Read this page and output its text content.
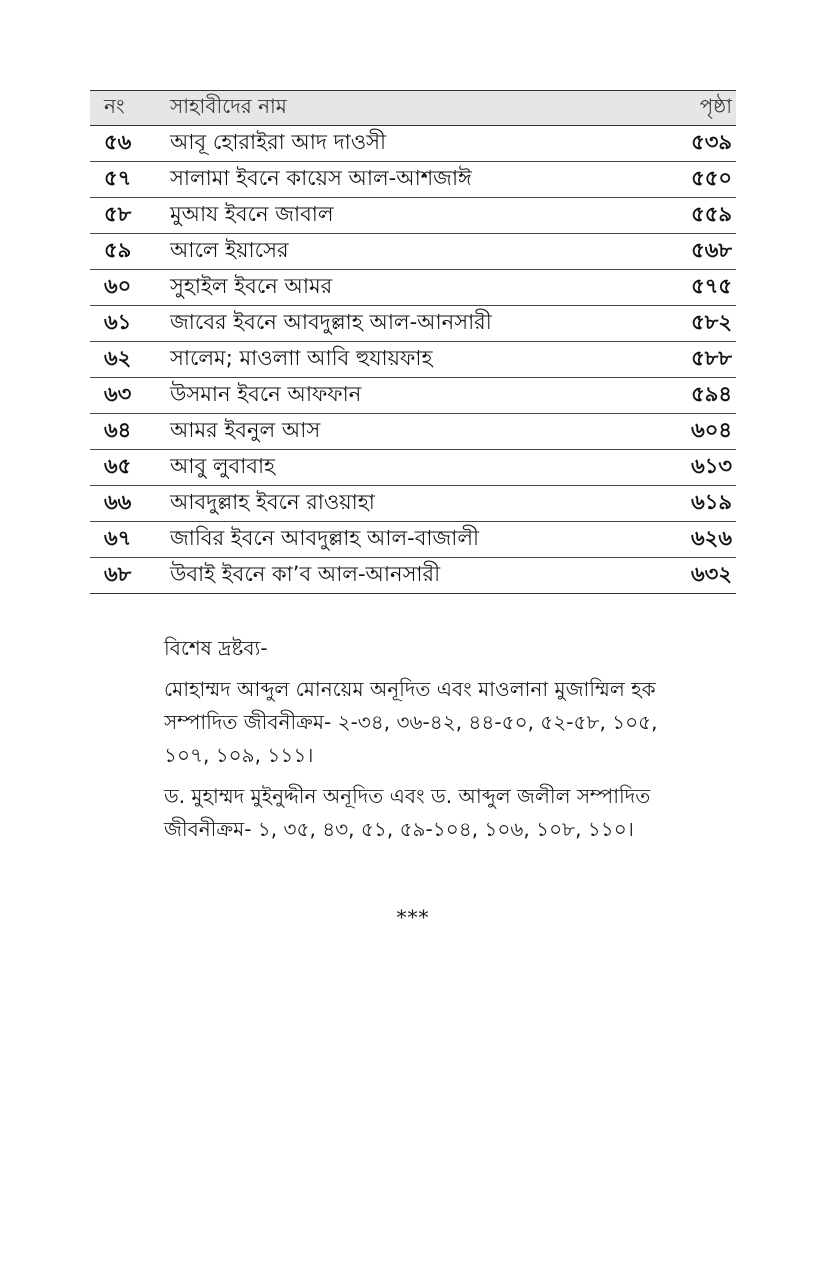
নং	সাহাবীদের নাম	পৃষ্ঠা
৫৬	আবূ হোরাইরা আদ দাওসী	৫৩৯
৫৭	সালামা ইবনে কায়েস আল-আশজাঈ	৫৫০
৫৮	মুআয ইবনে জাবাল	৫৫৯
৫৯	আলে ইয়াসের	৫৬৮
৬০	সুহাইল ইবনে আমর	৫৭৫
৬১	জাবের ইবনে আবদুল্লাহ আল-আনসারী	৫৮২
৬২	সালেম; মাওলাা আবি হুযায়ফাহ	৫৮৮
৬৩	উসমান ইবনে আফফান	৫৯৪
৬৪	আমর ইবনুল আস	৬০৪
৬৫	আবু লুবাবাহ	৬১৩
৬৬	আবদুল্লাহ ইবনে রাওয়াহা	৬১৯
৬৭	জাবির ইবনে আবদুল্লাহ আল-বাজালী	৬২৬
৬৮	উবাই ইবনে কা’ব আল-আনসারী	৬৩২

বিশেষ দ্রষ্টব্য-

মোহাম্মদ আব্দুল মোনয়েম অনূদিত এবং মাওলানা মুজাম্মিল হক সম্পাদিত জীবনীক্রম- ২-৩৪, ৩৬-৪২, ৪৪-৫০, ৫২-৫৮, ১০৫, ১০৭, ১০৯, ১১১।

ড. মুহাম্মদ মুইনুদ্দীন অনূদিত এবং ড. আব্দুল জলীল সম্পাদিত জীবনীক্রম- ১, ৩৫, ৪৩, ৫১, ৫৯-১০৪, ১০৬, ১০৮, ১১০।

***
